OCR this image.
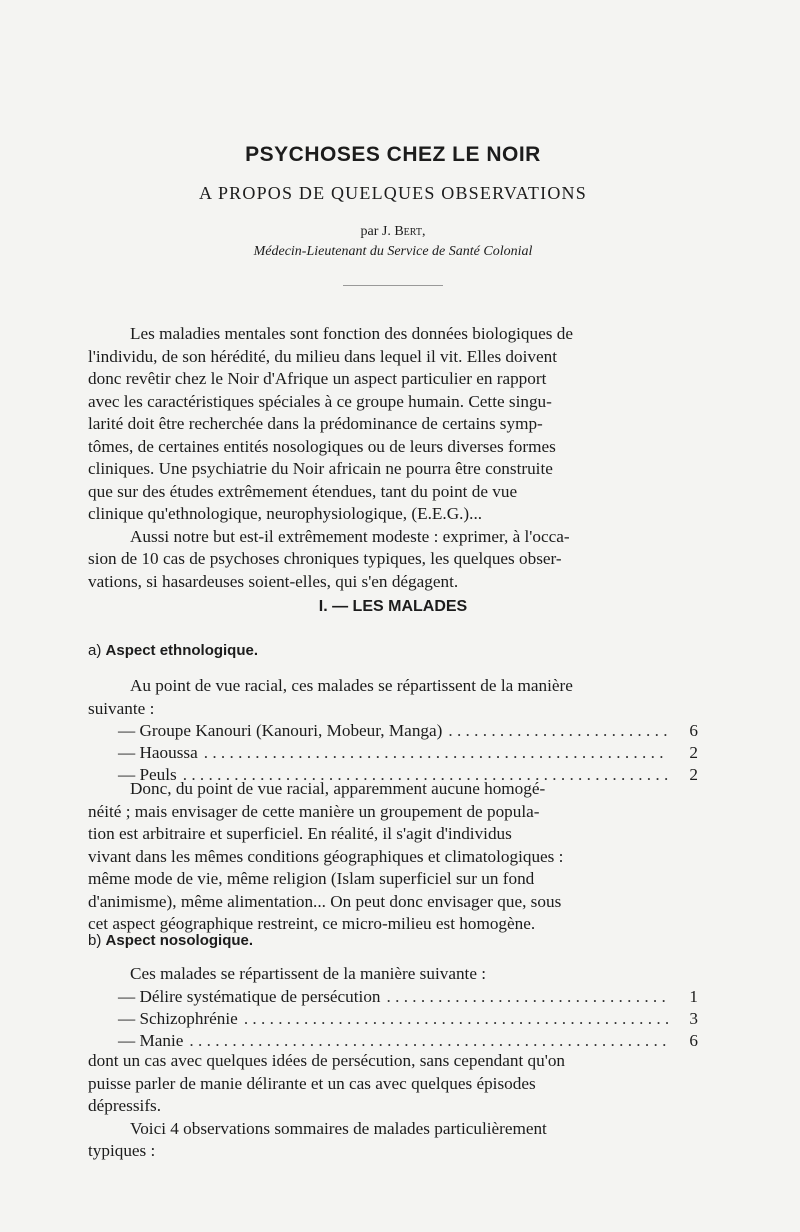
PSYCHOSES CHEZ LE NOIR
A PROPOS DE QUELQUES OBSERVATIONS
par J. Bert,
Médecin-Lieutenant du Service de Santé Colonial
Les maladies mentales sont fonction des données biologiques de
l'individu, de son hérédité, du milieu dans lequel il vit. Elles doivent
donc revêtir chez le Noir d'Afrique un aspect particulier en rapport
avec les caractéristiques spéciales à ce groupe humain. Cette singu-
larité doit être recherchée dans la prédominance de certains symp-
tômes, de certaines entités nosologiques ou de leurs diverses formes
cliniques. Une psychiatrie du Noir africain ne pourra être construite
que sur des études extrêmement étendues, tant du point de vue
clinique qu'ethnologique, neurophysiologique, (E.E.G.)...
Aussi notre but est-il extrêmement modeste : exprimer, à l'occa-
sion de 10 cas de psychoses chroniques typiques, les quelques obser-
vations, si hasardeuses soient-elles, qui s'en dégagent.
I. — LES MALADES
a) Aspect ethnologique.
Au point de vue racial, ces malades se répartissent de la manière
suivante :
— Groupe Kanouri (Kanouri, Mobeur, Manga) . . .	6
— Haoussa . . .	2
— Peuls . . .	2
Donc, du point de vue racial, apparemment aucune homogé-
néité ; mais envisager de cette manière un groupement de popula-
tion est arbitraire et superficiel. En réalité, il s'agit d'individus
vivant dans les mêmes conditions géographiques et climatologiques :
même mode de vie, même religion (Islam superficiel sur un fond
d'animisme), même alimentation... On peut donc envisager que, sous
cet aspect géographique restreint, ce micro-milieu est homogène.
b) Aspect nosologique.
Ces malades se répartissent de la manière suivante :
— Délire systématique de persécution . . .	1
— Schizophrénie . . .	3
— Manie . . .	6
dont un cas avec quelques idées de persécution, sans cependant qu'on
puisse parler de manie délirante et un cas avec quelques épisodes
dépressifs.
Voici 4 observations sommaires de malades particulièrement
typiques :
